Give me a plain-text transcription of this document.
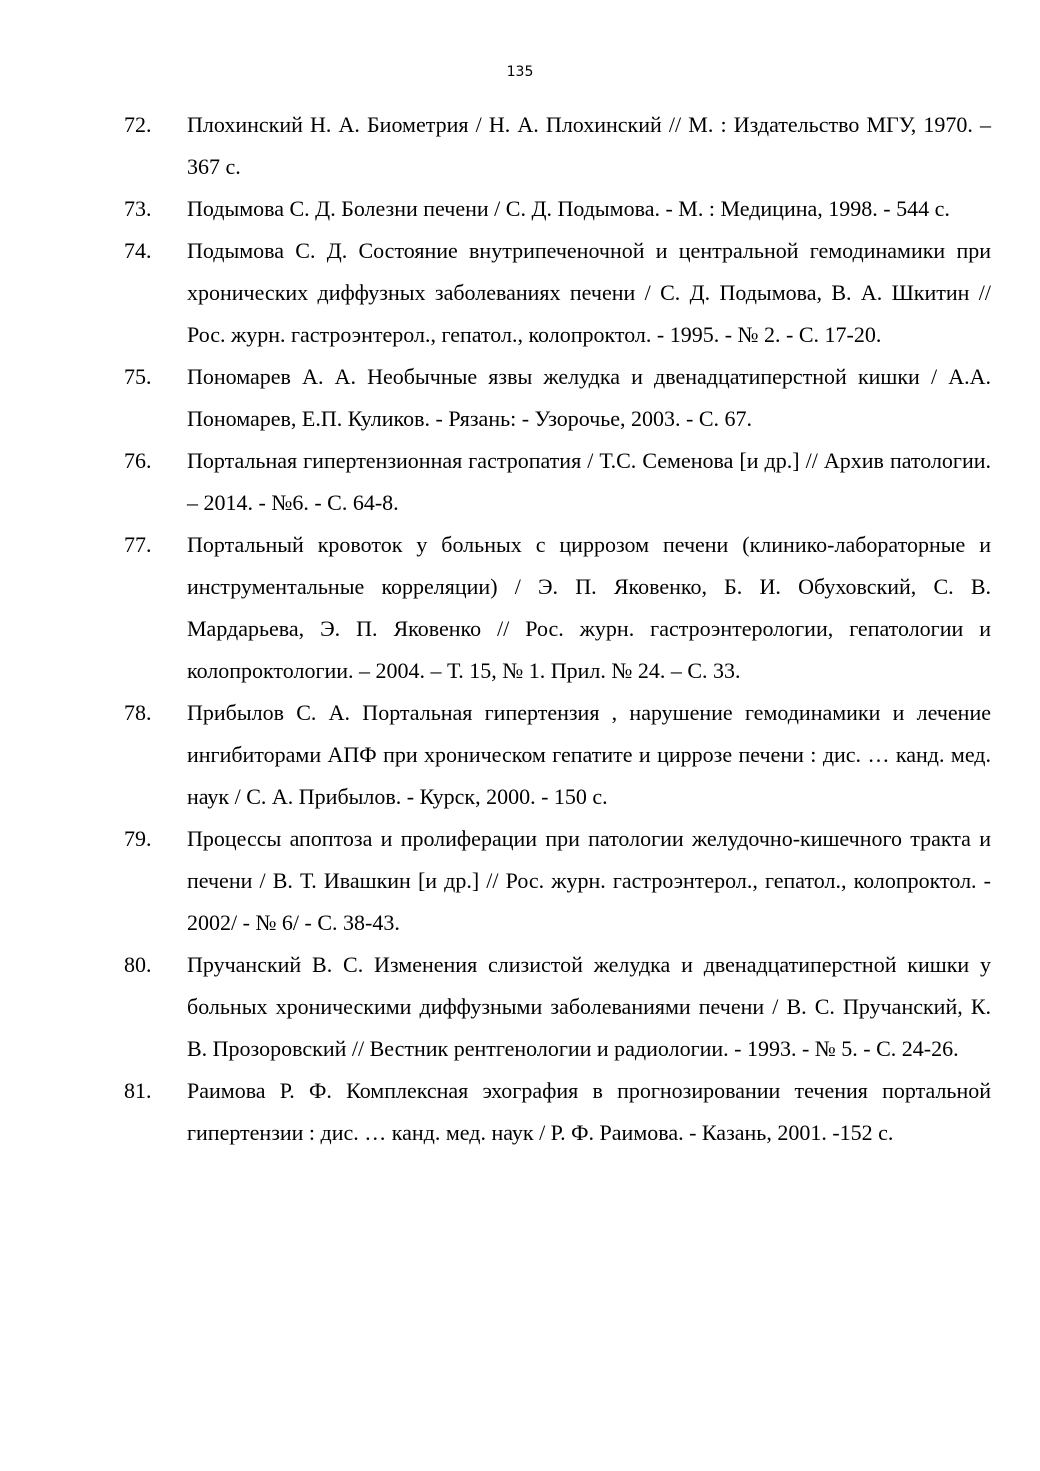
135
72. Плохинский Н. А. Биометрия / Н. А. Плохинский // М. : Издательство МГУ, 1970. – 367 с.
73. Подымова С. Д. Болезни печени / С. Д. Подымова. - М. : Медицина, 1998. - 544 с.
74. Подымова С. Д. Состояние внутрипеченочной и центральной гемодинамики при хронических диффузных заболеваниях печени / С. Д. Подымова, В. А. Шкитин // Рос. журн. гастроэнтерол., гепатол., колопроктол. - 1995. - № 2. - С. 17-20.
75. Пономарев А. А. Необычные язвы желудка и двенадцатиперстной кишки / А.А. Пономарев, Е.П. Куликов. - Рязань: - Узорочье, 2003. - С. 67.
76. Портальная гипертензионная гастропатия / Т.С. Семенова [и др.] // Архив патологии. – 2014. - №6. - С. 64-8.
77. Портальный кровоток у больных с циррозом печени (клинико-лабораторные и инструментальные корреляции) / Э. П. Яковенко, Б. И. Обуховский, С. В. Мардарьева, Э. П. Яковенко // Рос. журн. гастроэнтерологии, гепатологии и колопроктологии. – 2004. – Т. 15, № 1. Прил. № 24. – С. 33.
78. Прибылов С. А. Портальная гипертензия , нарушение гемодинамики и лечение ингибиторами АПФ при хроническом гепатите и циррозе печени : дис. … канд. мед. наук / С. А. Прибылов. - Курск, 2000. - 150 с.
79. Процессы апоптоза и пролиферации при патологии желудочно-кишечного тракта и печени / В. Т. Ивашкин [и др.] // Рос. журн. гастроэнтерол., гепатол., колопроктол. - 2002/ - № 6/ - С. 38-43.
80. Пручанский В. С. Изменения слизистой желудка и двенадцатиперстной кишки у больных хроническими диффузными заболеваниями печени / В. С. Пручанский, К. В. Прозоровский // Вестник рентгенологии и радиологии. - 1993. - № 5. - С. 24-26.
81. Раимова Р. Ф. Комплексная эхография в прогнозировании течения портальной гипертензии : дис. … канд. мед. наук / Р. Ф. Раимова. - Казань, 2001. -152 с.
